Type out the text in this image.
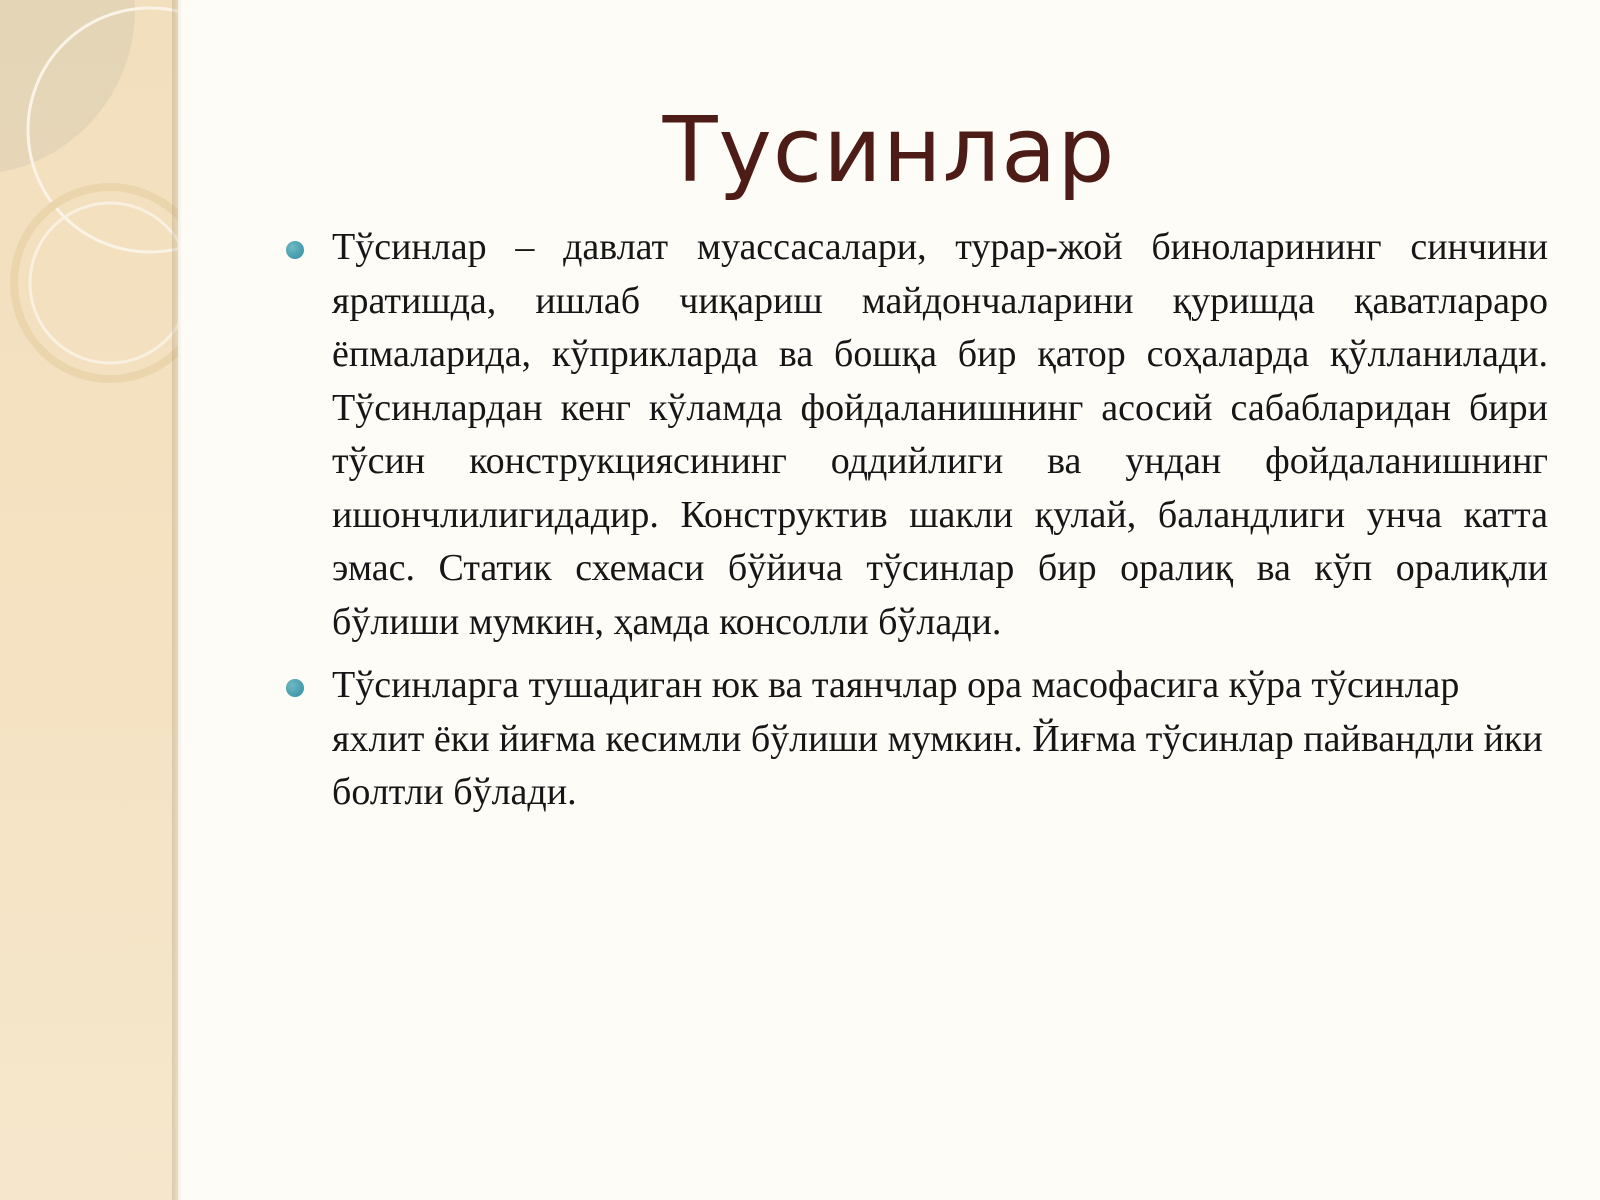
Тусинлар
Тўсинлар – давлат муассасалари, турар-жой биноларининг синчини яратишда, ишлаб чиқариш майдончаларини қуришда қаватлараро ёпмаларида, кўприкларда ва бошқа бир қатор соҳаларда қўлланилади. Тўсинлардан кенг кўламда фойдаланишнинг асосий сабабларидан бири тўсин конструкциясининг оддийлиги ва ундан фойдаланишнинг ишончлилигидадир. Конструктив шакли қулай, баландлиги унча катта эмас. Статик схемаси бўйича тўсинлар бир оралиқ ва кўп оралиқли бўлиши мумкин, ҳамда консолли бўлади.
Тўсинларга тушадиган юк ва таянчлар ора масофасига кўра тўсинлар яхлит ёки йиғма кесимли бўлиши мумкин. Йиғма тўсинлар пайвандли йки болтли бўлади.
